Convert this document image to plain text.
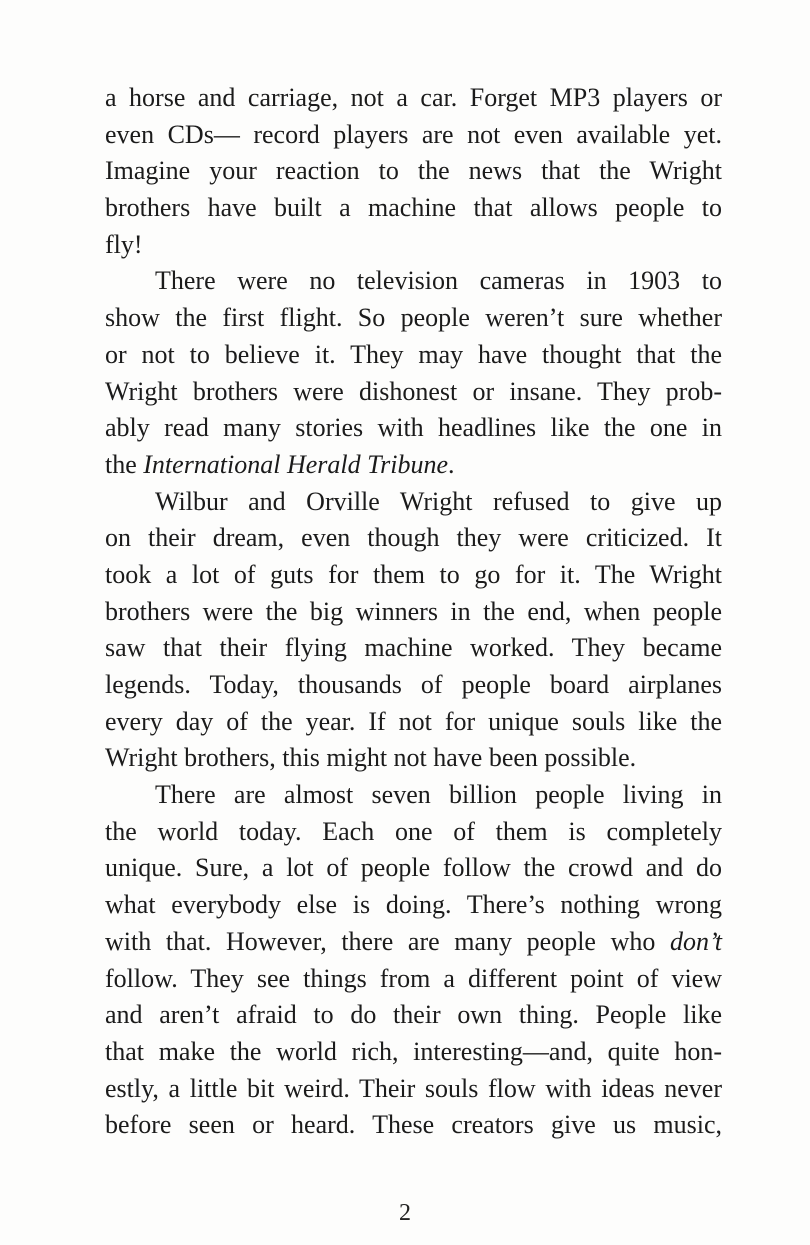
a horse and carriage, not a car. Forget MP3 players or
even CDs— record players are not even available yet.
Imagine your reaction to the news that the Wright
brothers have built a machine that allows people to
fly!
There were no television cameras in 1903 to
show the first flight. So people weren’t sure whether
or not to believe it. They may have thought that the
Wright brothers were dishonest or insane. They prob-
ably read many stories with headlines like the one in
the International Herald Tribune.
Wilbur and Orville Wright refused to give up
on their dream, even though they were criticized. It
took a lot of guts for them to go for it. The Wright
brothers were the big winners in the end, when people
saw that their flying machine worked. They became
legends. Today, thousands of people board airplanes
every day of the year. If not for unique souls like the
Wright brothers, this might not have been possible.
There are almost seven billion people living in
the world today. Each one of them is completely
unique. Sure, a lot of people follow the crowd and do
what everybody else is doing. There’s nothing wrong
with that. However, there are many people who don’t
follow. They see things from a different point of view
and aren’t afraid to do their own thing. People like
that make the world rich, interesting—and, quite hon-
estly, a little bit weird. Their souls flow with ideas never
before seen or heard. These creators give us music,
2
